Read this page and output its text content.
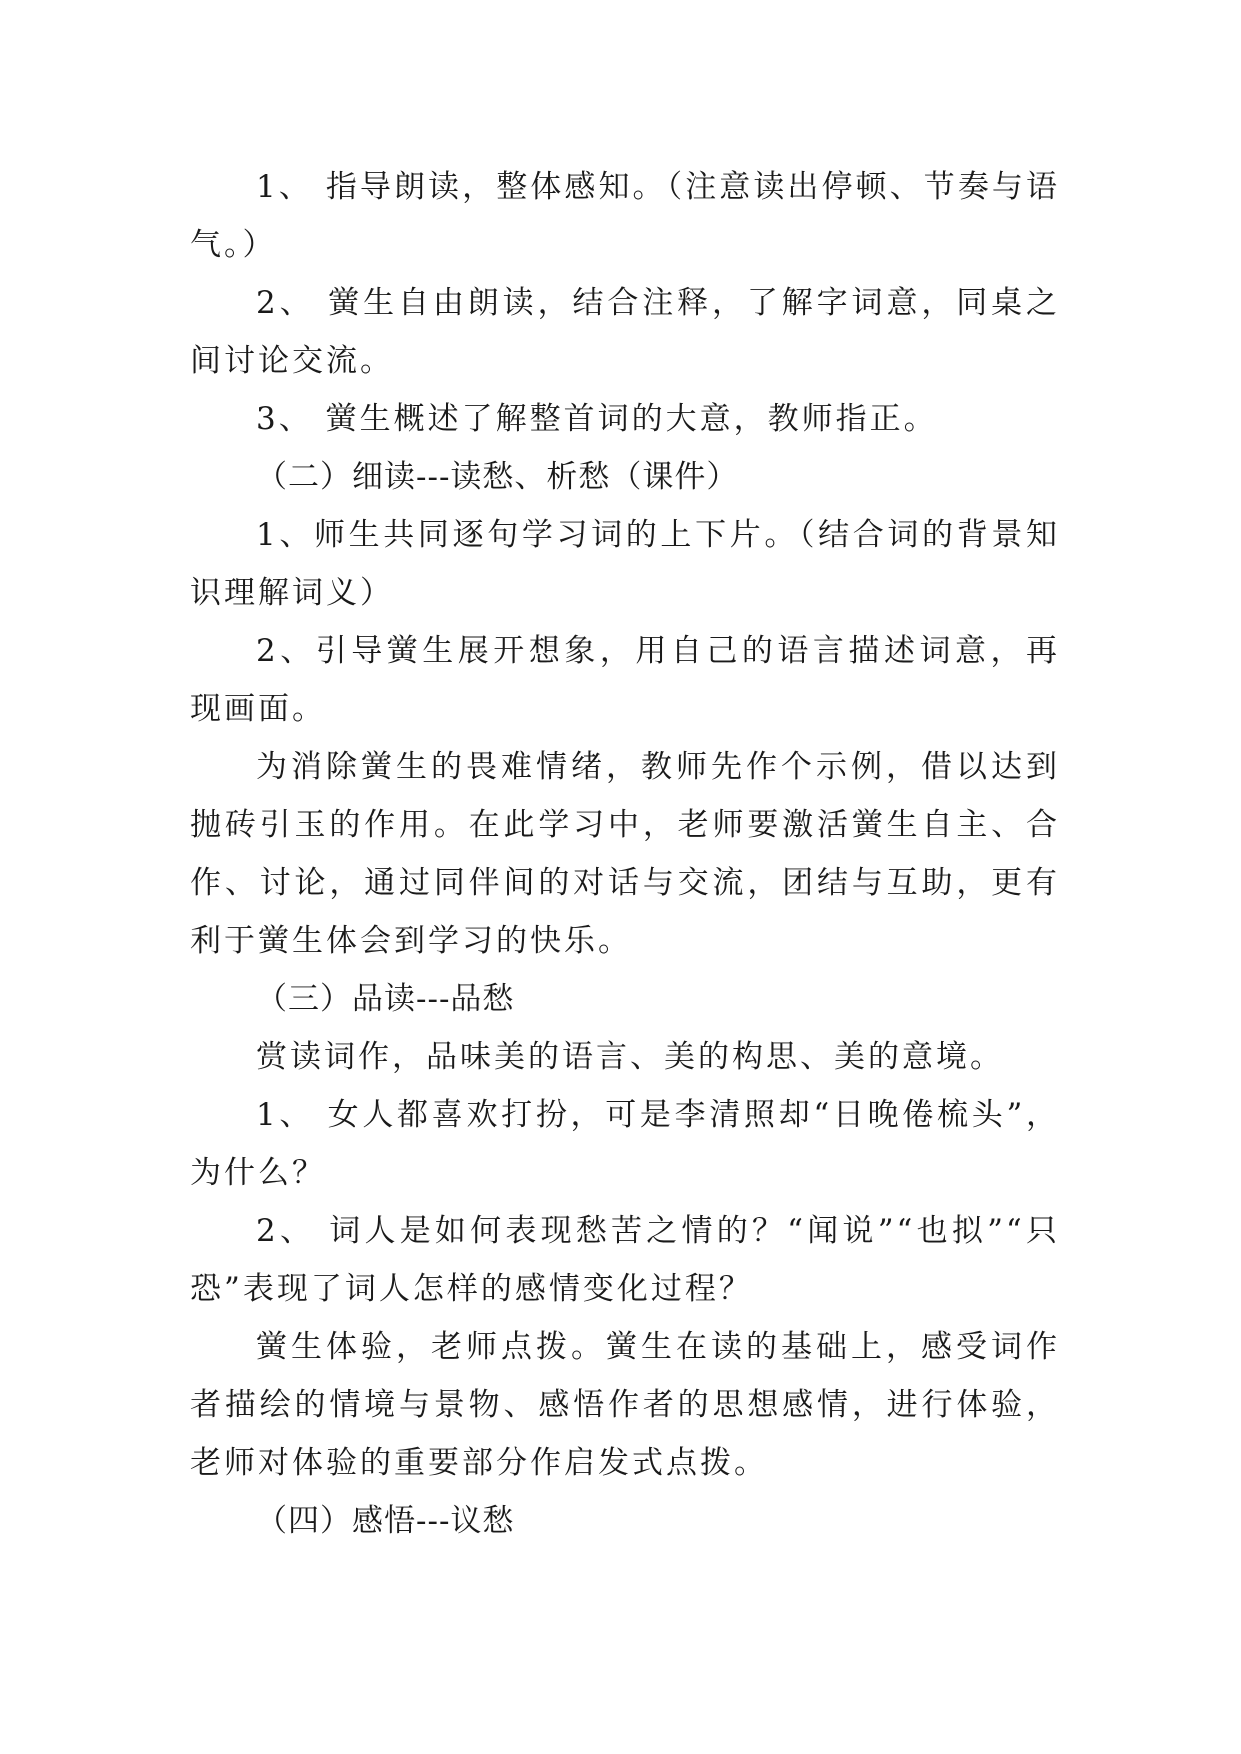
1、 指导朗读，整体感知。（注意读出停顿、节奏与语气。）

2、 黉生自由朗读，结合注释，了解字词意，同桌之间讨论交流。

3、 黉生概述了解整首词的大意，教师指正。

（二）细读---读愁、析愁（课件）

1、师生共同逐句学习词的上下片。（结合词的背景知识理解词义）

2、引导黉生展开想象，用自己的语言描述词意，再现画面。

为消除黉生的畏难情绪，教师先作个示例，借以达到抛砖引玉的作用。在此学习中，老师要激活黉生自主、合作、讨论，通过同伴间的对话与交流，团结与互助，更有利于黉生体会到学习的快乐。

（三）品读---品愁

赏读词作，品味美的语言、美的构思、美的意境。

1、 女人都喜欢打扮，可是李清照却“日晚倦梳头”，为什么？

2、 词人是如何表现愁苦之情的？“闻说”“也拟”“只恐”表现了词人怎样的感情变化过程？

黉生体验，老师点拨。黉生在读的基础上，感受词作者描绘的情境与景物、感悟作者的思想感情，进行体验，老师对体验的重要部分作启发式点拨。

（四）感悟---议愁
